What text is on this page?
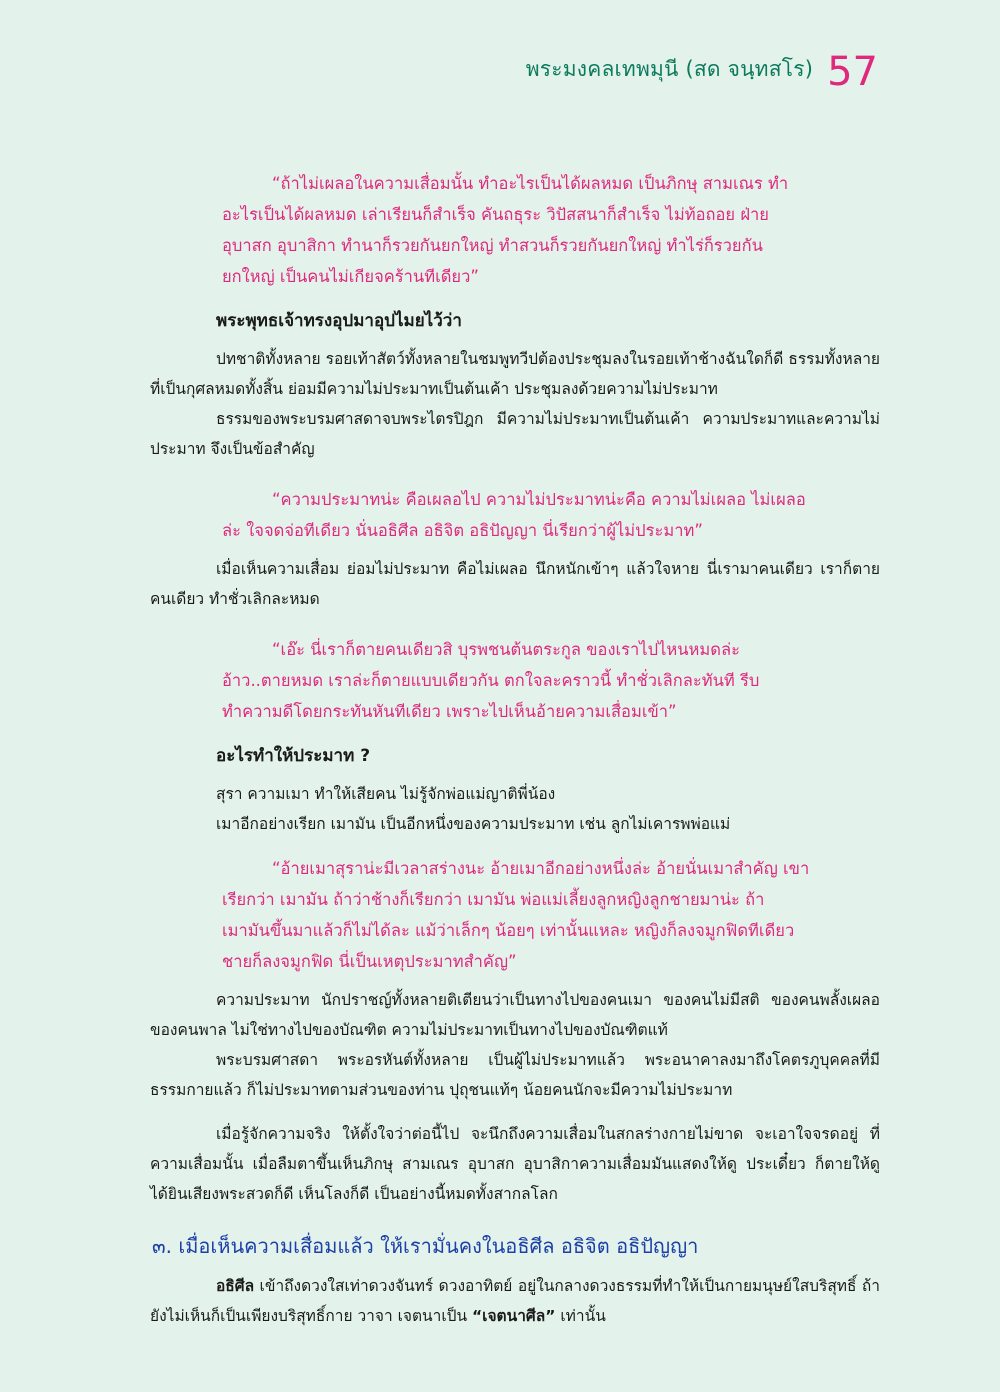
พระมงคลเทพมุนี (สด จนฺทสโร) 57

“ถ้าไม่เผลอในความเสื่อมนั้น ทำอะไรเป็นได้ผลหมด เป็นภิกษุ สามเณร ทำอะไรเป็นได้ผลหมด เล่าเรียนก็สำเร็จ คันถธุระ วิปัสสนาก็สำเร็จ ไม่ท้อถอย ฝ่ายอุบาสก อุบาสิกา ทำนาก็รวยกันยกใหญ่ ทำสวนก็รวยกันยกใหญ่ ทำไร่ก็รวยกันยกใหญ่ เป็นคนไม่เกียจคร้านทีเดียว”

พระพุทธเจ้าทรงอุปมาอุปไมยไว้ว่า

ปทชาติทั้งหลาย รอยเท้าสัตว์ทั้งหลายในชมพูทวีปต้องประชุมลงในรอยเท้าช้างฉันใดก็ดี ธรรมทั้งหลายที่เป็นกุศลหมดทั้งสิ้น ย่อมมีความไม่ประมาทเป็นต้นเค้า ประชุมลงด้วยความไม่ประมาท

ธรรมของพระบรมศาสดาจบพระไตรปิฎก มีความไม่ประมาทเป็นต้นเค้า ความประมาทและความไม่ประมาท จึงเป็นข้อสำคัญ

“ความประมาทน่ะ คือเผลอไป ความไม่ประมาทน่ะคือ ความไม่เผลอ ไม่เผลอล่ะ ใจจดจ่อทีเดียว นั่นอธิศีล อธิจิต อธิปัญญา นี่เรียกว่าผู้ไม่ประมาท”

เมื่อเห็นความเสื่อม ย่อมไม่ประมาท คือไม่เผลอ นึกหนักเข้าๆ แล้วใจหาย นี่เรามาคนเดียว เราก็ตายคนเดียว ทำชั่วเลิกละหมด

“เอ๊ะ นี่เราก็ตายคนเดียวสิ บุรพชนต้นตระกูล ของเราไปไหนหมดล่ะ อ้าว..ตายหมด เราล่ะก็ตายแบบเดียวกัน ตกใจละคราวนี้ ทำชั่วเลิกละทันที รีบทำความดีโดยกระทันหันทีเดียว เพราะไปเห็นอ้ายความเสื่อมเข้า”

อะไรทำให้ประมาท ?

สุรา ความเมา ทำให้เสียคน ไม่รู้จักพ่อแม่ญาติพี่น้อง

เมาอีกอย่างเรียก เมามัน เป็นอีกหนึ่งของความประมาท เช่น ลูกไม่เคารพพ่อแม่

“อ้ายเมาสุราน่ะมีเวลาสร่างนะ อ้ายเมาอีกอย่างหนึ่งล่ะ อ้ายนั่นเมาสำคัญ เขาเรียกว่า เมามัน ถ้าว่าช้างก็เรียกว่า เมามัน พ่อแม่เลี้ยงลูกหญิงลูกชายมาน่ะ ถ้าเมามันขึ้นมาแล้วก็ไม่ได้ละ แม้ว่าเล็กๆ น้อยๆ เท่านั้นแหละ หญิงก็ลงจมูกฟิดทีเดียว ชายก็ลงจมูกฟิด นี่เป็นเหตุประมาทสำคัญ”

ความประมาท นักปราชญ์ทั้งหลายติเตียนว่าเป็นทางไปของคนเมา ของคนไม่มีสติ ของคนพลั้งเผลอของคนพาล ไม่ใช่ทางไปของบัณฑิต ความไม่ประมาทเป็นทางไปของบัณฑิตแท้

พระบรมศาสดา พระอรหันต์ทั้งหลาย เป็นผู้ไม่ประมาทแล้ว พระอนาคาลงมาถึงโคตรภูบุคคลที่มีธรรมกายแล้ว ก็ไม่ประมาทตามส่วนของท่าน ปุถุชนแท้ๆ น้อยคนนักจะมีความไม่ประมาท

เมื่อรู้จักความจริง ให้ตั้งใจว่าต่อนี้ไป จะนึกถึงความเสื่อมในสกลร่างกายไม่ขาด จะเอาใจจรดอยู่ ที่ความเสื่อมนั้น เมื่อลืมตาขึ้นเห็นภิกษุ สามเณร อุบาสก อุบาสิกาความเสื่อมมันแสดงให้ดู ประเดี๋ยว ก็ตายให้ดู ได้ยินเสียงพระสวดก็ดี เห็นโลงก็ดี เป็นอย่างนี้หมดทั้งสากลโลก

๓. เมื่อเห็นความเสื่อมแล้ว ให้เรามั่นคงในอธิศีล อธิจิต อธิปัญญา

อธิศีล เข้าถึงดวงใสเท่าดวงจันทร์ ดวงอาทิตย์ อยู่ในกลางดวงธรรมที่ทำให้เป็นกายมนุษย์ใสบริสุทธิ์ ถ้ายังไม่เห็นก็เป็นเพียงบริสุทธิ์กาย วาจา เจตนาเป็น “เจตนาศีล” เท่านั้น
